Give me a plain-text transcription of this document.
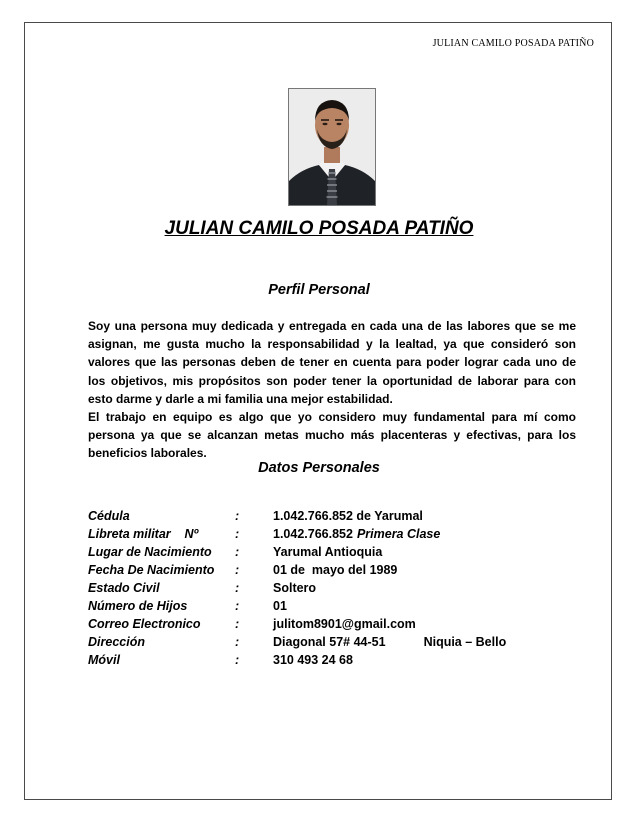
JULIAN CAMILO POSADA PATIÑO
JULIAN CAMILO POSADA PATIÑO
Perfil Personal

Soy una persona muy dedicada y entregada en cada una de las labores que se me asignan, me gusta mucho la responsabilidad y la lealtad, ya que consideró son valores que las personas deben de tener en cuenta para poder lograr cada uno de los objetivos, mis propósitos son poder tener la oportunidad de laborar para con esto darme y darle a mi familia una mejor estabilidad.

El trabajo en equipo es algo que yo considero muy fundamental para mí como persona ya que se alcanzan metas mucho más placenteras y efectivas, para los beneficios laborales.

Datos Personales
Cédula	:	1.042.766.852 de Yarumal
Libreta militar    Nº	:	1.042.766.852 Primera Clase
Lugar de Nacimiento :	Yarumal Antioquia
Fecha De Nacimiento :	01 de  mayo del 1989
Estado Civil	:	Soltero
Número de Hijos	:	01
Correo Electronico	:	julitom8901@gmail.com
Dirección	:	Diagonal 57# 44-51	Niquia – Bello
Móvil	:	310 493 24 68
